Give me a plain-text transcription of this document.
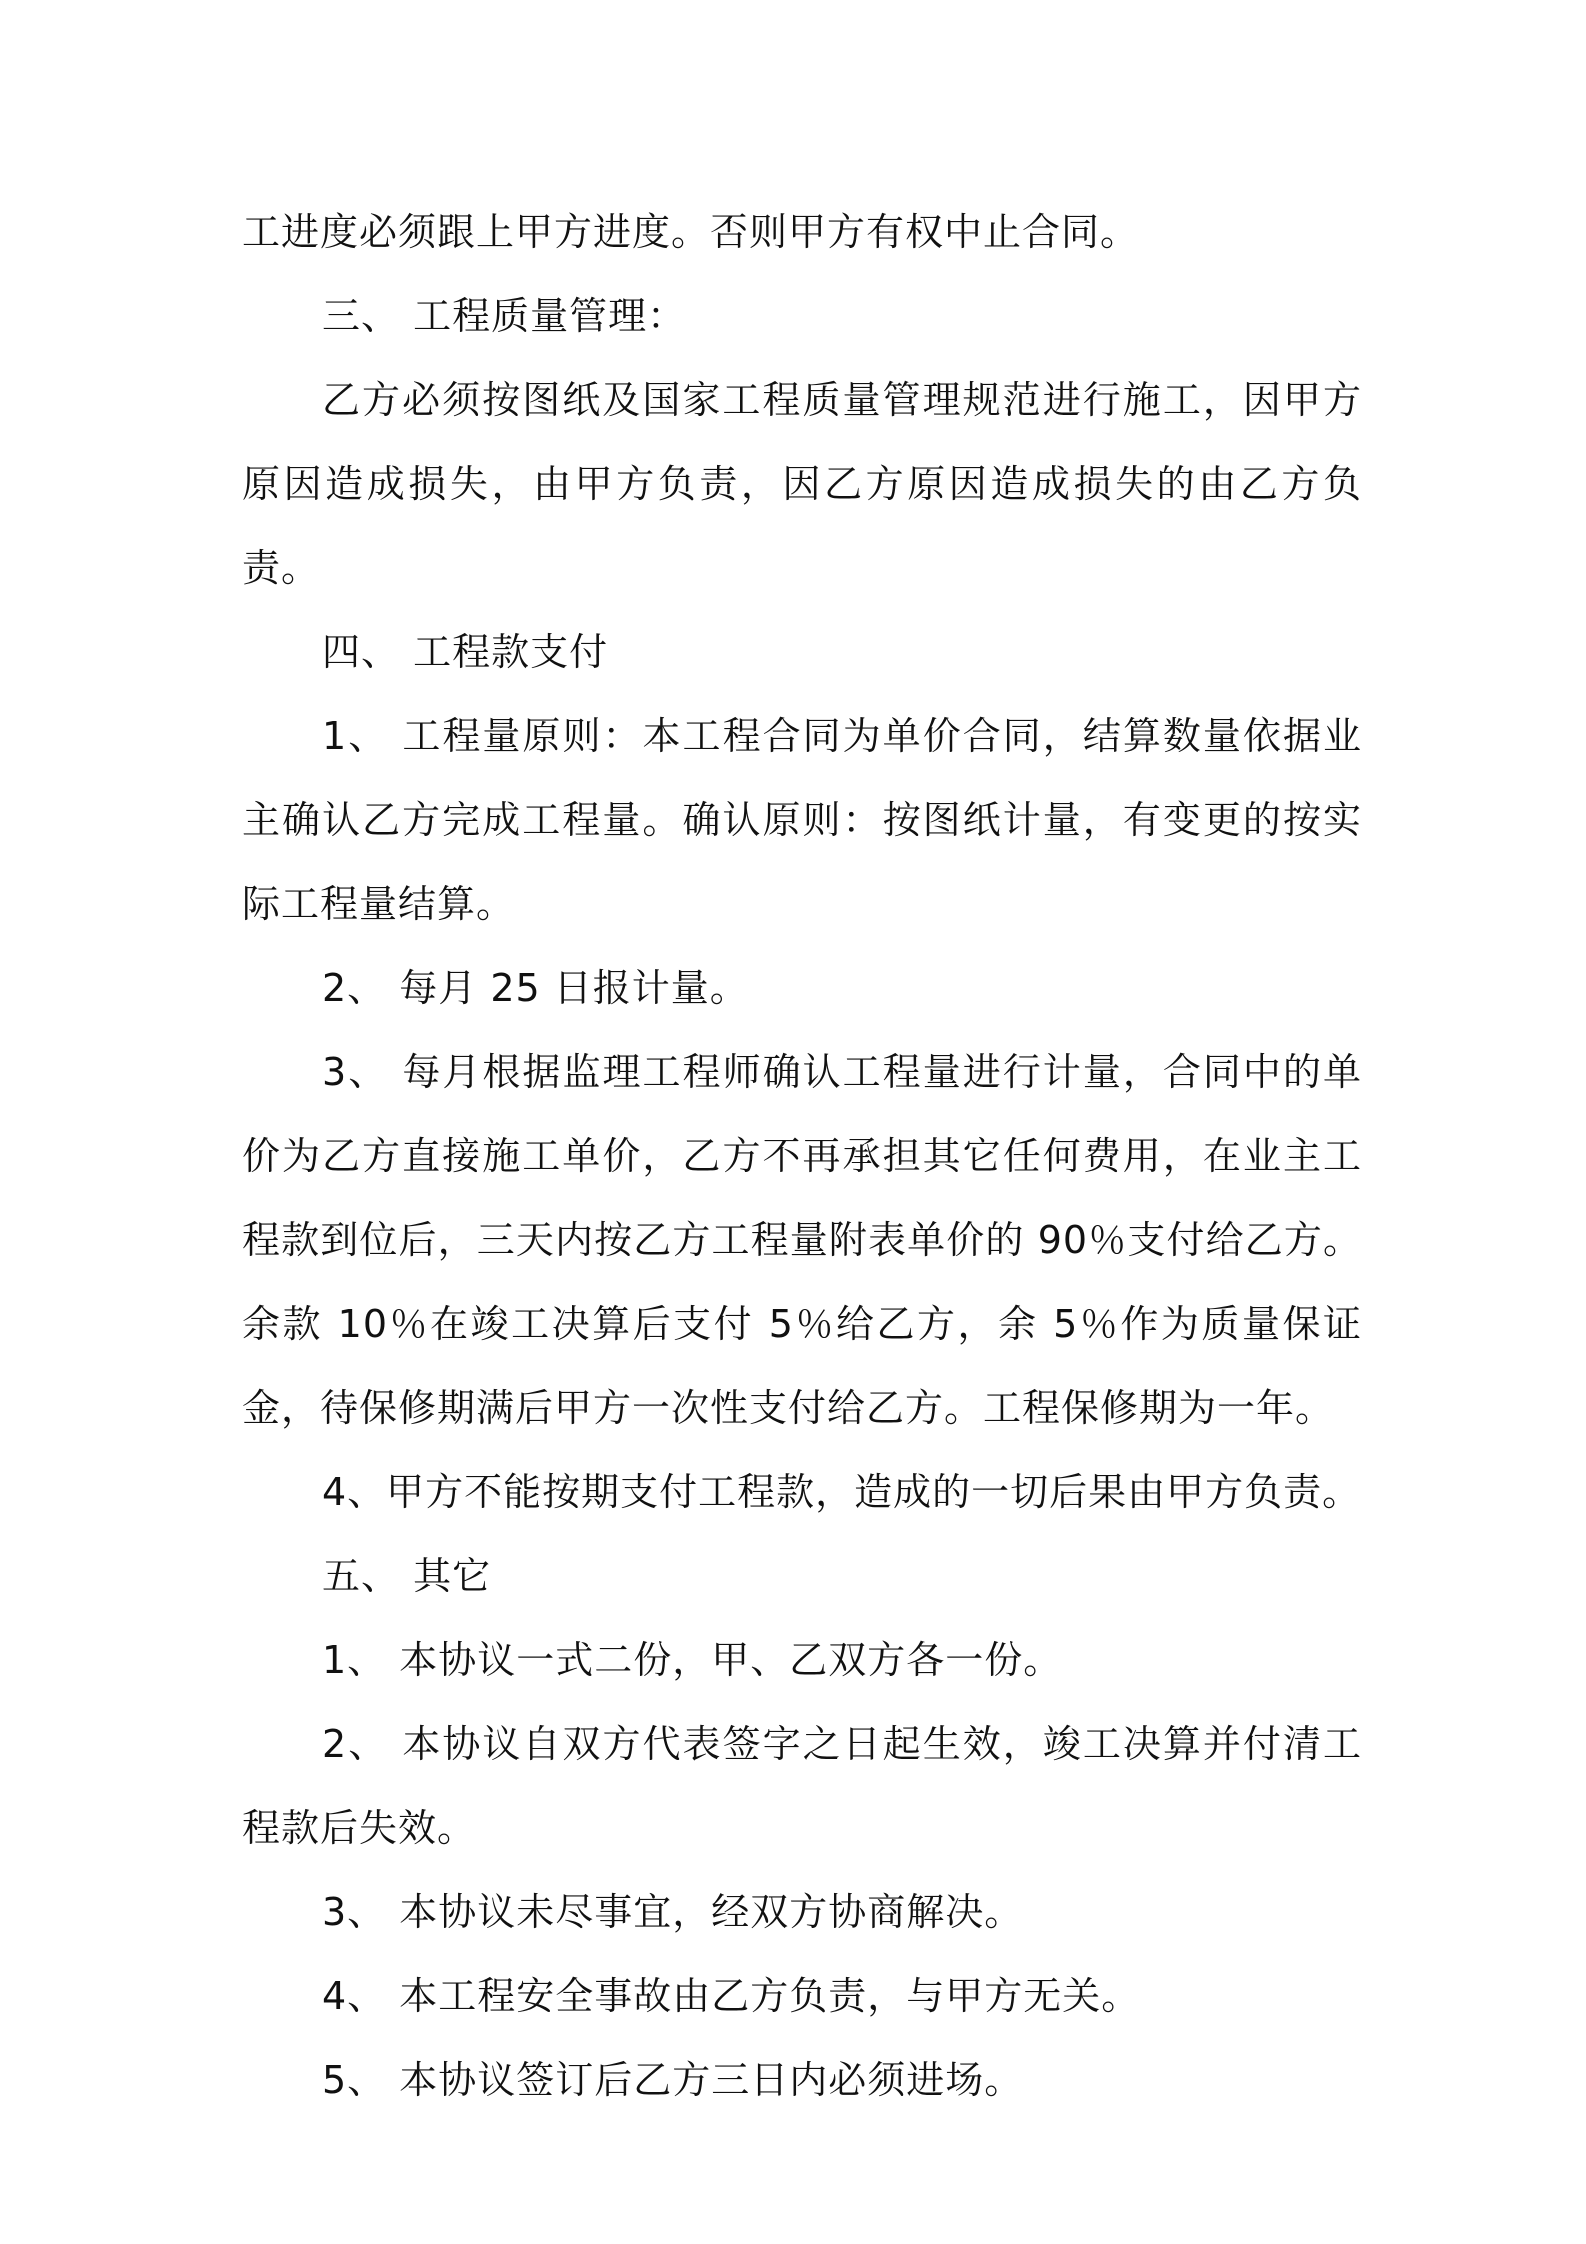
工进度必须跟上甲方进度。否则甲方有权中止合同。

三、 工程质量管理：

乙方必须按图纸及国家工程质量管理规范进行施工，因甲方原因造成损失，由甲方负责，因乙方原因造成损失的由乙方负责。

四、 工程款支付

1、 工程量原则：本工程合同为单价合同，结算数量依据业主确认乙方完成工程量。确认原则：按图纸计量，有变更的按实际工程量结算。

2、 每月 25 日报计量。

3、 每月根据监理工程师确认工程量进行计量，合同中的单价为乙方直接施工单价，乙方不再承担其它任何费用，在业主工程款到位后，三天内按乙方工程量附表单价的 90％支付给乙方。余款 10％在竣工决算后支付 5％给乙方，余 5％作为质量保证金，待保修期满后甲方一次性支付给乙方。工程保修期为一年。

4、甲方不能按期支付工程款，造成的一切后果由甲方负责。

五、 其它

1、 本协议一式二份，甲、乙双方各一份。

2、 本协议自双方代表签字之日起生效，竣工决算并付清工程款后失效。

3、 本协议未尽事宜，经双方协商解决。

4、 本工程安全事故由乙方负责，与甲方无关。

5、 本协议签订后乙方三日内必须进场。
